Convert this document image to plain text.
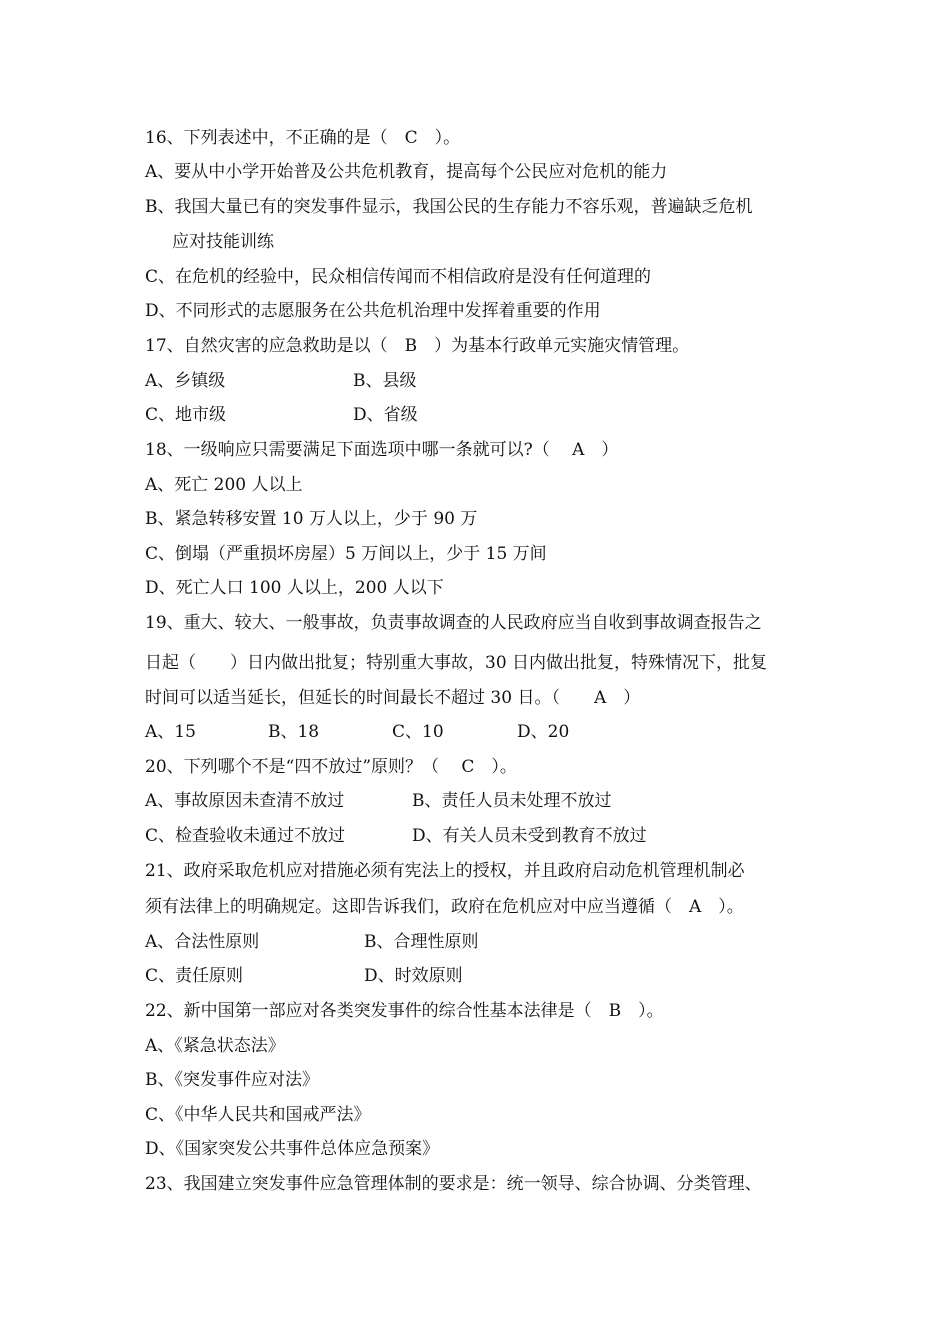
16、下列表述中，不正确的是（　C　）。
A、要从中小学开始普及公共危机教育，提高每个公民应对危机的能力
B、我国大量已有的突发事件显示，我国公民的生存能力不容乐观，普遍缺乏危机
应对技能训练
C、在危机的经验中，民众相信传闻而不相信政府是没有任何道理的
D、不同形式的志愿服务在公共危机治理中发挥着重要的作用
17、自然灾害的应急救助是以（　B　）为基本行政单元实施灾情管理。
A、乡镇级	B、县级
C、地市级	D、省级
18、一级响应只需要满足下面选项中哪一条就可以?（　 A　）
A、死亡 200 人以上
B、紧急转移安置 10 万人以上，少于 90 万
C、倒塌（严重损坏房屋）5 万间以上，少于 15 万间
D、死亡人口 100 人以上，200 人以下
19、重大、较大、一般事故，负责事故调查的人民政府应当自收到事故调查报告之
日起（　　）日内做出批复；特别重大事故，30 日内做出批复，特殊情况下，批复
时间可以适当延长，但延长的时间最长不超过 30 日。（　　A　）
A、15	B、18	C、10	D、20
20、下列哪个不是“四不放过”原则？（　 C　）。
A、事故原因未查清不放过	B、责任人员未处理不放过
C、检查验收未通过不放过	D、有关人员未受到教育不放过
21、政府采取危机应对措施必须有宪法上的授权，并且政府启动危机管理机制必
须有法律上的明确规定。这即告诉我们，政府在危机应对中应当遵循（　A　）。
A、合法性原则	B、合理性原则
C、责任原则	D、时效原则
22、新中国第一部应对各类突发事件的综合性基本法律是（　B　）。
A、《紧急状态法》
B、《突发事件应对法》
C、《中华人民共和国戒严法》
D、《国家突发公共事件总体应急预案》
23、我国建立突发事件应急管理体制的要求是：统一领导、综合协调、分类管理、
